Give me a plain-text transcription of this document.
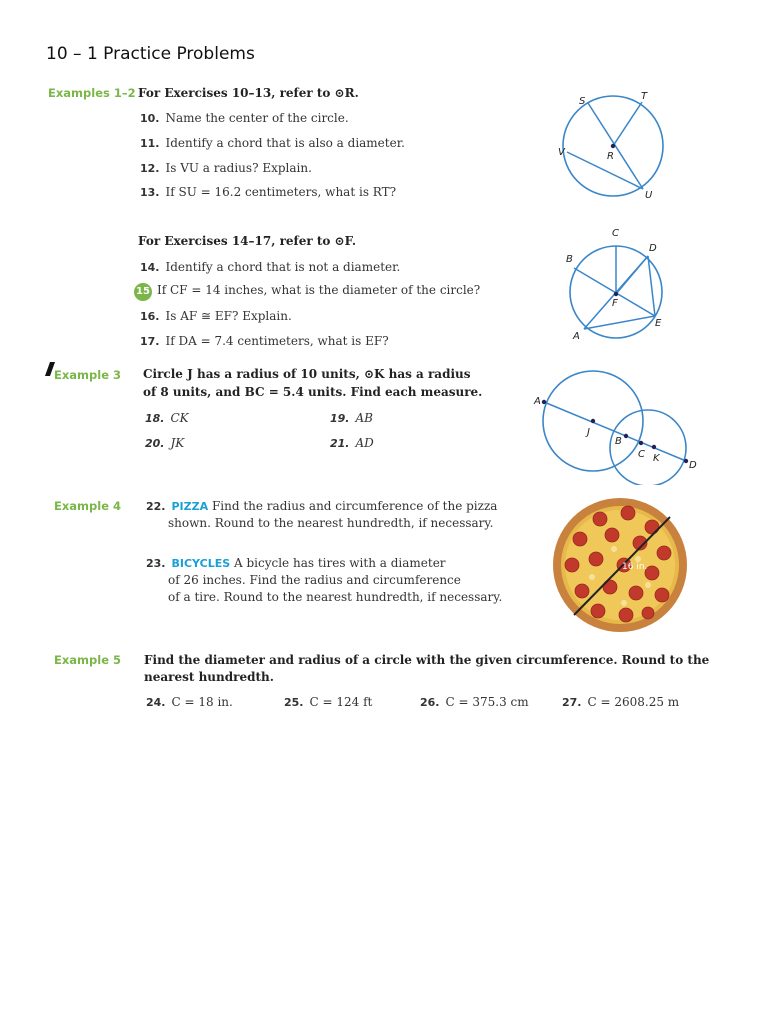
10 – 1 Practice Problems
Examples 1–2 For Exercises 10–13, refer to ⊙R.
10. Name the center of the circle.
11. Identify a chord that is also a diameter.
12. Is VU a radius? Explain.
13. If SU = 16.2 centimeters, what is RT?
S	T
V	R
U
For Exercises 14–17, refer to ⊙F.
14. Identify a chord that is not a diameter.
15 If CF = 14 inches, what is the diameter of the circle?
16. Is AF ≅ EF? Explain.
17. If DA = 7.4 centimeters, what is EF?
C
D
B
F
A
E
Example 3 Circle J has a radius of 10 units, ⊙K has a radius
of 8 units, and BC = 5.4 units. Find each measure.
18. CK	19. AB
20. JK	21. AD
A
J
B
C K
D
Example 4 22. PIZZA Find the radius and circumference of the pizza
shown. Round to the nearest hundredth, if necessary.
23. BICYCLES A bicycle has tires with a diameter
of 26 inches. Find the radius and circumference
of a tire. Round to the nearest hundredth, if necessary.
16 in.
Example 5 Find the diameter and radius of a circle with the given circumference. Round to the
nearest hundredth.
24. C = 18 in.	25. C = 124 ft	26. C = 375.3 cm	27. C = 2608.25 m
